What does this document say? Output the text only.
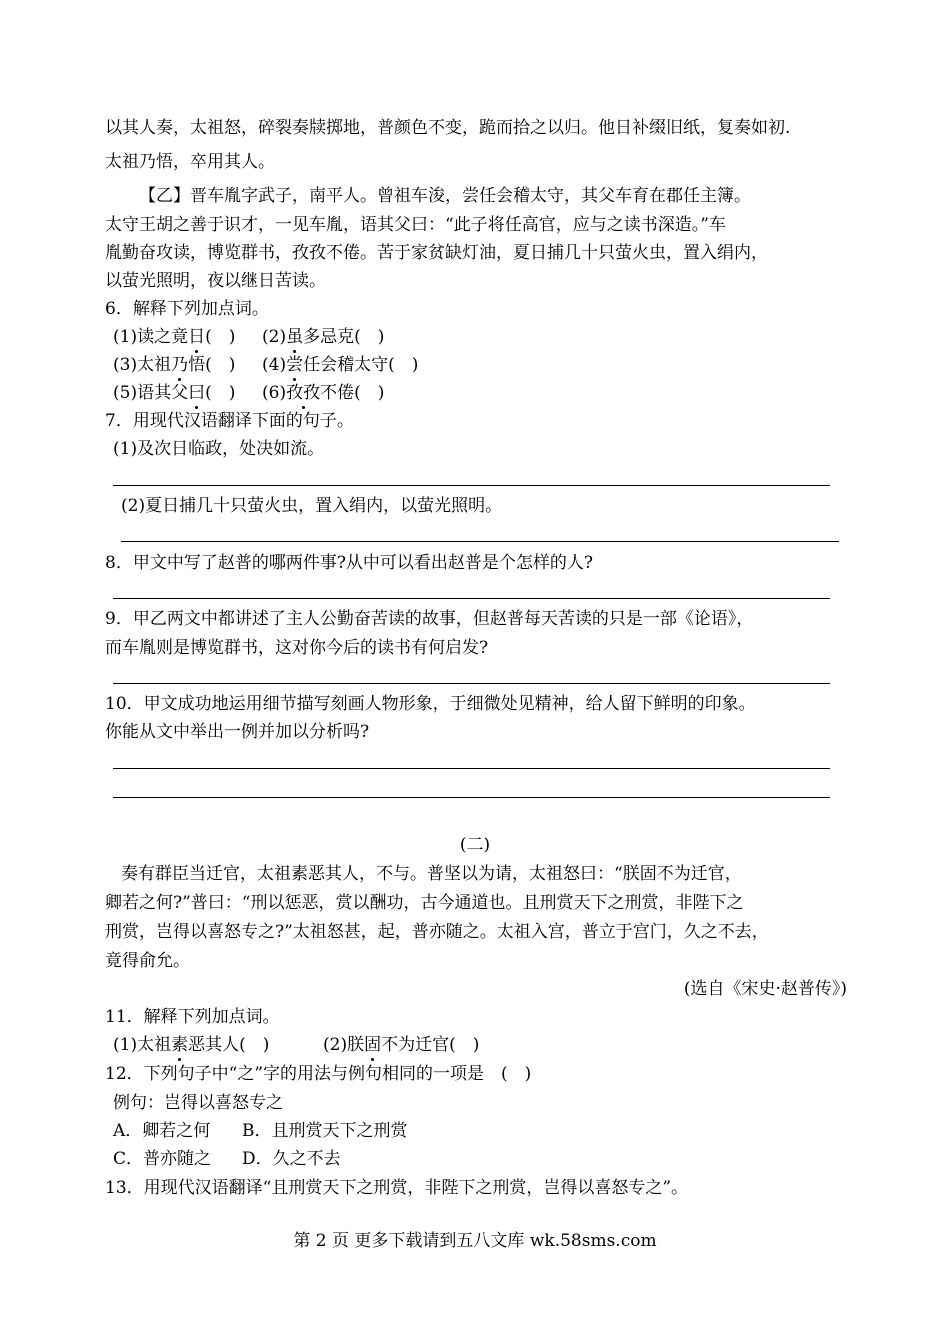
以其人奏，太祖怒，碎裂奏牍掷地，普颜色不变，跪而拾之以归。他日补缀旧纸，复奏如初.
太祖乃悟，卒用其人。
【乙】晋车胤字武子，南平人。曾祖车浚，尝任会稽太守，其父车育在郡任主簿。
太守王胡之善于识才，一见车胤，语其父曰：“此子将任高官，应与之读书深造。”车
胤勤奋攻读，博览群书，孜孜不倦。苦于家贫缺灯油，夏日捕几十只萤火虫，置入绢内，
以萤光照明，夜以继日苦读。
6．解释下列加点词。
(1)读之竟日(　) (2)虽多忌克(　)
(3)太祖乃悟(　) (4)尝任会稽太守(　)
(5)语其父曰(　) (6)孜孜不倦(　)
7．用现代汉语翻译下面的句子。
(1)及次日临政，处决如流。
(2)夏日捕几十只萤火虫，置入绢内，以萤光照明。
8．甲文中写了赵普的哪两件事?从中可以看出赵普是个怎样的人?
9．甲乙两文中都讲述了主人公勤奋苦读的故事，但赵普每天苦读的只是一部《论语》，
而车胤则是博览群书，这对你今后的读书有何启发?
10．甲文成功地运用细节描写刻画人物形象，于细微处见精神，给人留下鲜明的印象。
你能从文中举出一例并加以分析吗?
(二)
奏有群臣当迁官，太祖素恶其人，不与。普坚以为请，太祖怒曰：“朕固不为迁官，
卿若之何?”普曰：“刑以惩恶，赏以酬功，古今通道也。且刑赏天下之刑赏，非陛下之
刑赏，岂得以喜怒专之?”太祖怒甚，起，普亦随之。太祖入宫，普立于宫门，久之不去，
竟得俞允。
(选自《宋史·赵普传》)
11．解释下列加点词。
(1)太祖素恶其人(　)	(2)朕固不为迁官(　)
12．下列句子中“之”字的用法与例句相同的一项是　(　)
例句：岂得以喜怒专之
A．卿若之何 B．且刑赏天下之刑赏
C．普亦随之 D．久之不去
13．用现代汉语翻译“且刑赏天下之刑赏，非陛下之刑赏，岂得以喜怒专之”。
第 2 页 更多下载请到五八文库 wk.58sms.com
